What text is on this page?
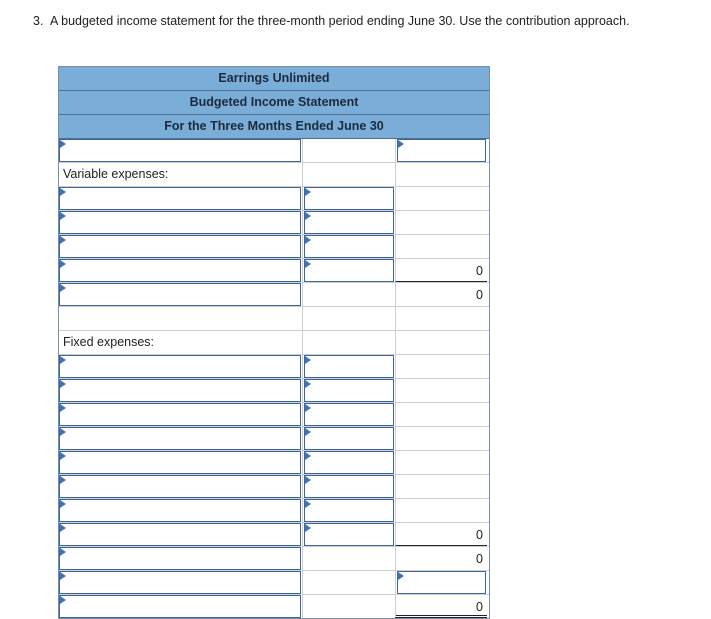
3. A budgeted income statement for the three-month period ending June 30. Use the contribution approach.
Earrings Unlimited
Budgeted Income Statement
For the Three Months Ended June 30
Variable expenses:
0
0
Fixed expenses:
0
0
0
